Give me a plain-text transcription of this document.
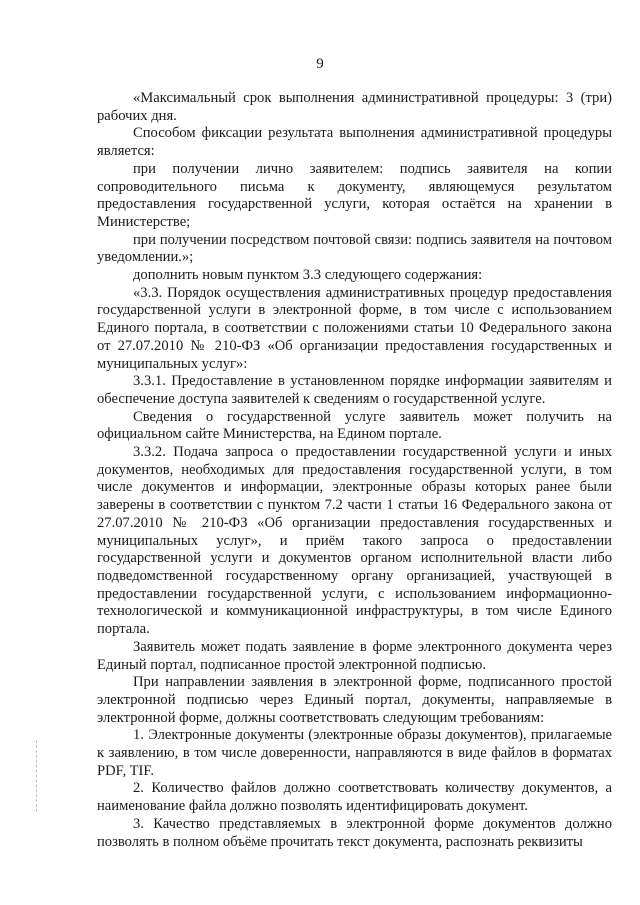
9

«Максимальный срок выполнения административной процедуры: 3 (три) рабочих дня.

Способом фиксации результата выполнения административной процедуры является:

при получении лично заявителем: подпись заявителя на копии сопроводительного письма к документу, являющемуся результатом предоставления государственной услуги, которая остаётся на хранении в Министерстве;

при получении посредством почтовой связи: подпись заявителя на почтовом уведомлении.»;

дополнить новым пунктом 3.3 следующего содержания:

«3.3. Порядок осуществления административных процедур предоставления государственной услуги в электронной форме, в том числе с использованием Единого портала, в соответствии с положениями статьи 10 Федерального закона от 27.07.2010 № 210-ФЗ «Об организации предоставления государственных и муниципальных услуг»:

3.3.1. Предоставление в установленном порядке информации заявителям и обеспечение доступа заявителей к сведениям о государственной услуге.

Сведения о государственной услуге заявитель может получить на официальном сайте Министерства, на Едином портале.

3.3.2. Подача запроса о предоставлении государственной услуги и иных документов, необходимых для предоставления государственной услуги, в том числе документов и информации, электронные образы которых ранее были заверены в соответствии с пунктом 7.2 части 1 статьи 16 Федерального закона от 27.07.2010 № 210-ФЗ «Об организации предоставления государственных и муниципальных услуг», и приём такого запроса о предоставлении государственной услуги и документов органом исполнительной власти либо подведомственной государственному органу организацией, участвующей в предоставлении государственной услуги, с использованием информационно-технологической и коммуникационной инфраструктуры, в том числе Единого портала.

Заявитель может подать заявление в форме электронного документа через Единый портал, подписанное простой электронной подписью.

При направлении заявления в электронной форме, подписанного простой электронной подписью через Единый портал, документы, направляемые в электронной форме, должны соответствовать следующим требованиям:

1. Электронные документы (электронные образы документов), прилагаемые к заявлению, в том числе доверенности, направляются в виде файлов в форматах PDF, TIF.

2. Количество файлов должно соответствовать количеству документов, а наименование файла должно позволять идентифицировать документ.

3. Качество представляемых в электронной форме документов должно позволять в полном объёме прочитать текст документа, распознать реквизиты
